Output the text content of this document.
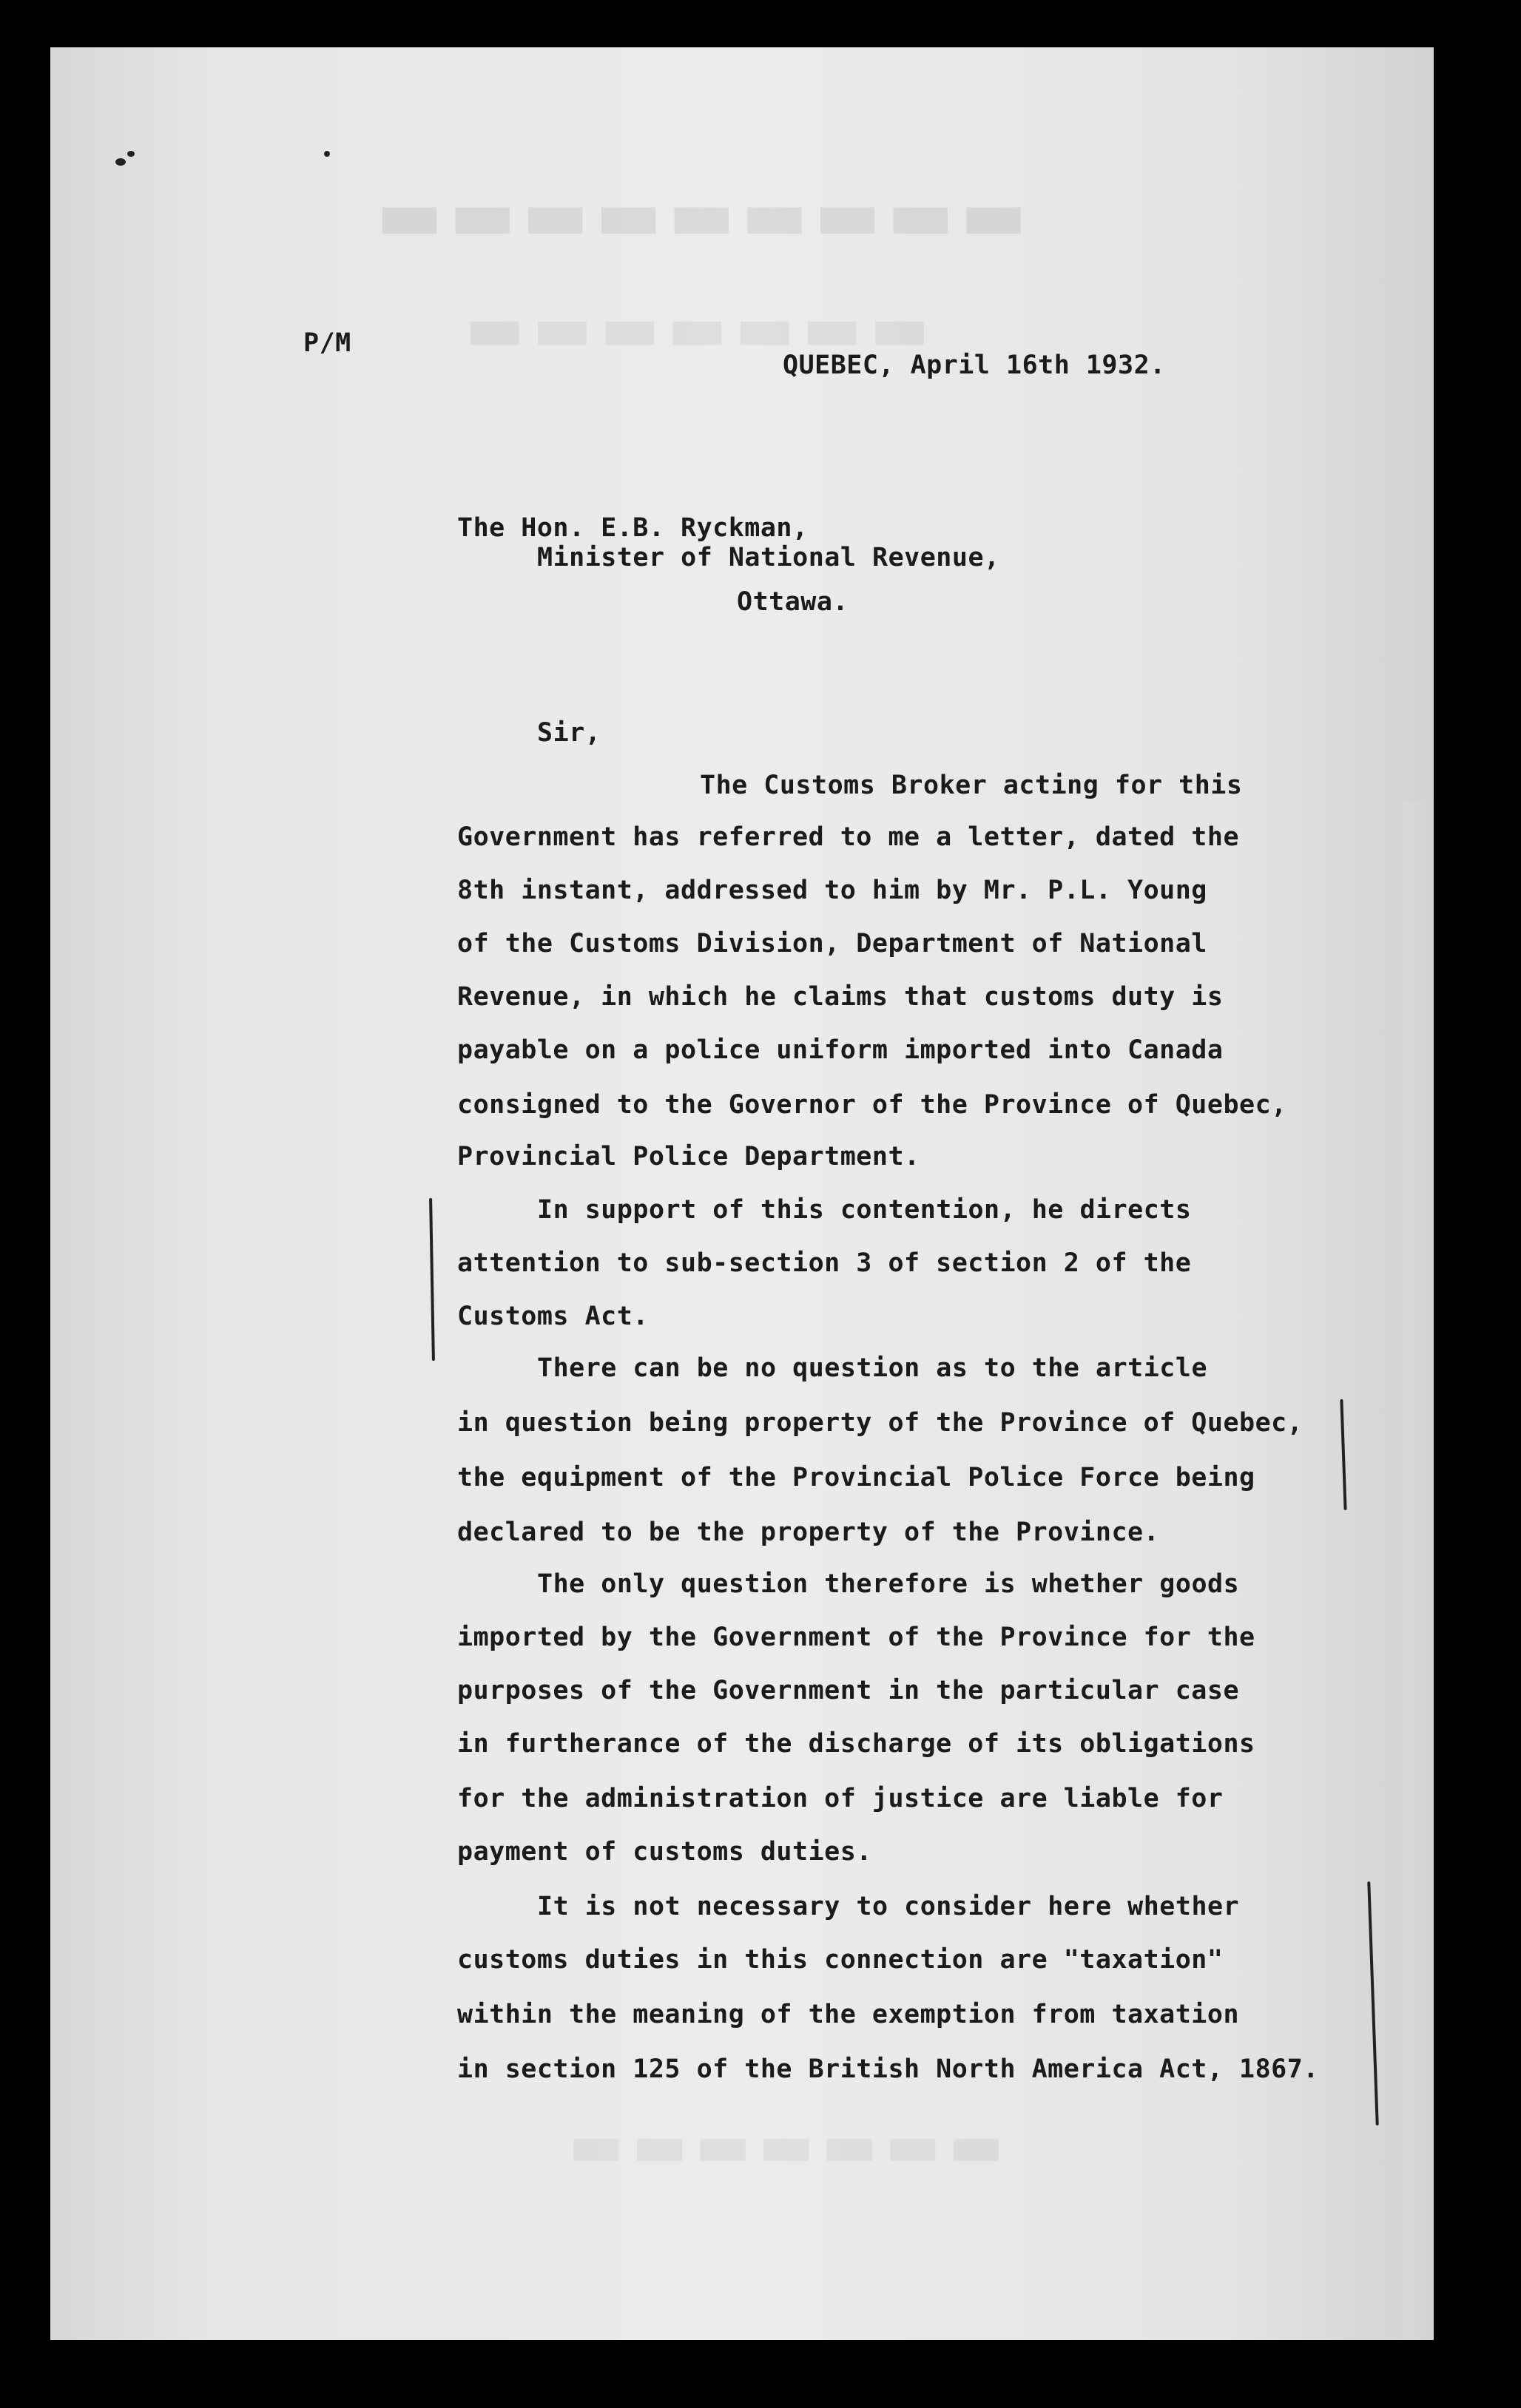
▬▬▬▬▬▬▬▬▬
▬▬▬▬▬▬▬
▬▬▬▬▬▬▬
P/M
QUEBEC, April 16th 1932.
The Hon. E.B. Ryckman,
Minister of National Revenue,
Ottawa.
Sir,
The Customs Broker acting for this
Government has referred to me a letter, dated the
8th instant, addressed to him by Mr. P.L. Young
of the Customs Division, Department of National
Revenue, in which he claims that customs duty is
payable on a police uniform imported into Canada
consigned to the Governor of the Province of Quebec,
Provincial Police Department.
In support of this contention, he directs
attention to sub-section 3 of section 2 of the
Customs Act.
There can be no question as to the article
in question being property of the Province of Quebec,
the equipment of the Provincial Police Force being
declared to be the property of the Province.
The only question therefore is whether goods
imported by the Government of the Province for the
purposes of the Government in the particular case
in furtherance of the discharge of its obligations
for the administration of justice are liable for
payment of customs duties.
It is not necessary to consider here whether
customs duties in this connection are "taxation"
within the meaning of the exemption from taxation
in section 125 of the British North America Act, 1867.
